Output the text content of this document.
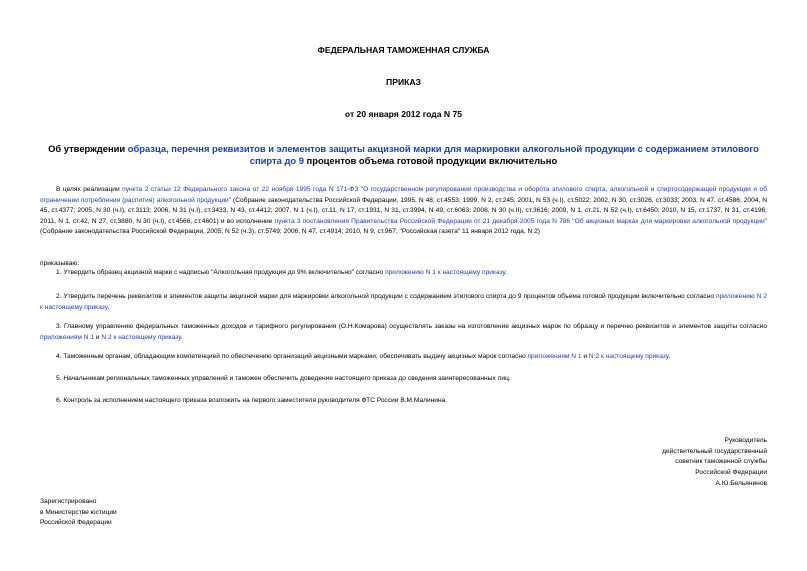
ФЕДЕРАЛЬНАЯ ТАМОЖЕННАЯ СЛУЖБА
ПРИКАЗ
от 20 января 2012 года N 75
Об утверждении образца, перечня реквизитов и элементов защиты акцизной марки для маркировки алкогольной продукции с содержанием этилового спирта до 9 процентов объема готовой продукции включительно
В целях реализации пункта 2 статьи 12 Федерального закона от 22 ноября 1995 года N 171-ФЗ "О государственном регулировании производства и оборота этилового спирта, алкогольной и спиртосодержащей продукции и об ограничении потребления (распития) алкогольной продукции" (Собрание законодательства Российской Федерации, 1995, N 48, ст.4553; 1999, N 2, ст.245; 2001, N 53 (ч.I), ст.5022; 2002, N 30, ст.3026, ст.3033; 2003, N 47, ст.4586; 2004, N 45, ст.4377; 2005, N 30 (ч.I), ст.3113; 2006, N 31 (ч.I), ст.3433, N 43, ст.4412; 2007, N 1 (ч.I), ст.11, N 17, ст.1931, N 31, ст.3994, N 49, ст.6063; 2008, N 30 (ч.II), ст.3616; 2009, N 1, ст.21, N 52 (ч.I), ст.6450; 2010, N 15, ст.1737, N 31, ст.4196; 2011, N 1, ст.42, N 27, ст.3880, N 30 (ч.I), ст.4566, ст.4601) и во исполнение пункта 3 постановления Правительства Российской Федерации от 21 декабря 2005 года N 786 "Об акцизных марках для маркировки алкогольной продукции" (Собрание законодательства Российской Федерации, 2005, N 52 (ч.3), ст.5749; 2006, N 47, ст.4914; 2010, N 9, ст.967; "Российская газета" 11 января 2012 года, N 2)
приказываю:
1. Утвердить образец акцизной марки с надписью "Алкогольная продукция до 9% включительно" согласно приложению N 1 к настоящему приказу.
2. Утвердить перечень реквизитов и элементов защиты акцизной марки для маркировки алкогольной продукции с содержанием этилового спирта до 9 процентов объема готовой продукции включительно согласно приложению N 2 к настоящему приказу.
3. Главному управлению федеральных таможенных доходов и тарифного регулирования (О.Н.Комарова) осуществлять заказы на изготовление акцизных марок по образцу и перечню реквизитов и элементов защиты согласно приложениям N 1 и N 2 к настоящему приказу.
4. Таможенным органам, обладающим компетенцией по обеспечению организаций акцизными марками, обеспечивать выдачу акцизных марок согласно приложениям N 1 и N 2 к настоящему приказу.
5. Начальникам региональных таможенных управлений и таможен обеспечить доведение настоящего приказа до сведения заинтересованных лиц.
6. Контроль за исполнением настоящего приказа возложить на первого заместителя руководителя ФТС России В.М.Малинина.
Руководитель
действительный государственный
советник таможенной службы
Российской Федерации
А.Ю.Бельянинов
Зарегистрировано
в Министерстве юстиции
Российской Федерации
